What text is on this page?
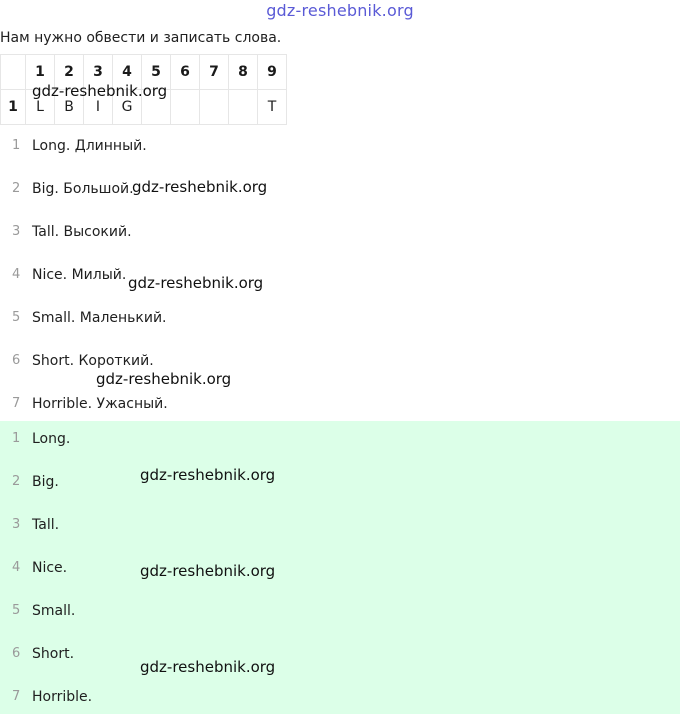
gdz-reshebnik.org
Нам нужно обвести и записать слова.
	1	2	3	4	5	6	7	8	9
1	L	B	I	G					T
1 Long. Длинный.
2 Big. Большой.
3 Tall. Высокий.
4 Nice. Милый.
5 Small. Маленький.
6 Short. Короткий.
7 Horrible. Ужасный.
1 Long.
2 Big.
3 Tall.
4 Nice.
5 Small.
6 Short.
7 Horrible.
gdz-reshebnik.org
gdz-reshebnik.org
gdz-reshebnik.org
gdz-reshebnik.org
gdz-reshebnik.org
gdz-reshebnik.org
gdz-reshebnik.org
